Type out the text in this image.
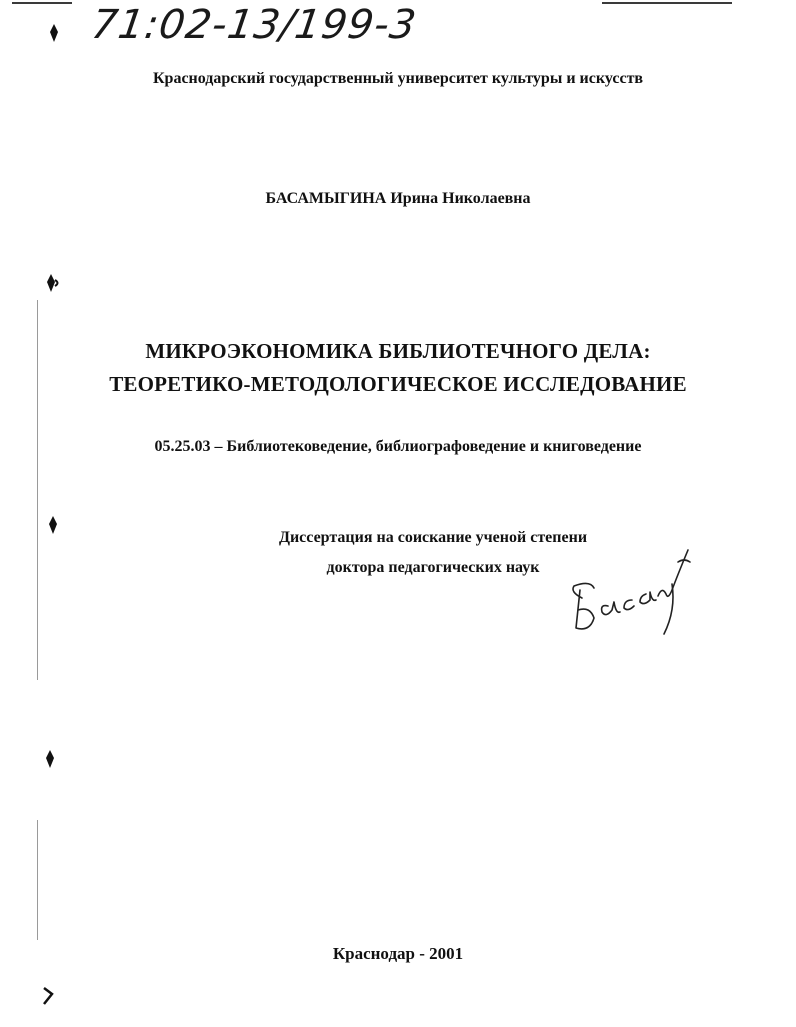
71:02-13/199-3
Краснодарский государственный университет культуры и искусств
БАСАМЫГИНА Ирина Николаевна
МИКРОЭКОНОМИКА БИБЛИОТЕЧНОГО ДЕЛА:
ТЕОРЕТИКО-МЕТОДОЛОГИЧЕСКОЕ ИССЛЕДОВАНИЕ
05.25.03 – Библиотековедение, библиографоведение и книговедение
Диссертация на соискание ученой степени
доктора педагогических наук
Краснодар - 2001
